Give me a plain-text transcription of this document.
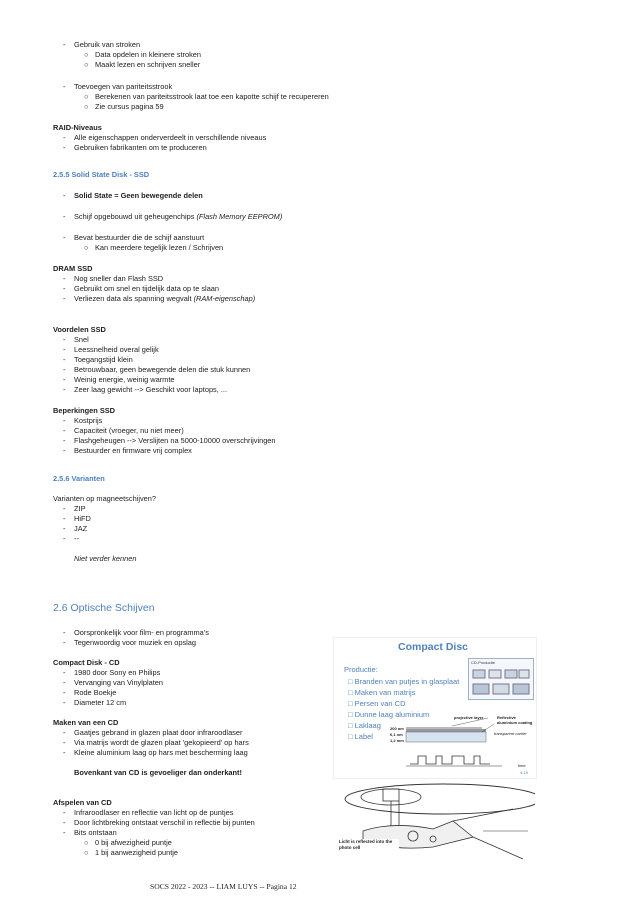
- Gebruik van stroken
○ Data opdelen in kleinere stroken
○ Maakt lezen en schrijven sneller
- Toevoegen van pariteitsstrook
○ Berekenen van pariteitsstrook laat toe een kapotte schijf te recupereren
○ Zie cursus pagina 59
RAID-Niveaus
- Alle eigenschappen onderverdeelt in verschillende niveaus
- Gebruiken fabrikanten om te produceren
2.5.5 Solid State Disk - SSD
- Solid State = Geen bewegende delen
- Schijf opgebouwd uit geheugenchips (Flash Memory EEPROM)
- Bevat bestuurder die de schijf aanstuurt
○ Kan meerdere tegelijk lezen / Schrijven
DRAM SSD
- Nog sneller dan Flash SSD
- Gebruikt om snel en tijdelijk data op te slaan
- Verliezen data als spanning wegvalt (RAM-eigenschap)
Voordelen SSD
- Snel
- Leessnelheid overal gelijk
- Toegangstijd klein
- Betrouwbaar, geen bewegende delen die stuk kunnen
- Weinig energie, weinig warmte
- Zeer laag gewicht --> Geschikt voor laptops, ...
Beperkingen SSD
- Kostprijs
- Capaciteit (vroeger, nu niet meer)
- Flashgeheugen --> Verslijten na 5000-10000 overschrijvingen
- Bestuurder en firmware vrij complex
2.5.6 Varianten
Varianten op magneetschijven?
- ZIP
- HiFD
- JAZ
- --
Niet verder kennen
2.6 Optische Schijven
- Oorspronkelijk voor film- en programma's
- Tegenwoordig voor muziek en opslag
Compact Disk - CD
- 1980 door Sony en Philips
- Vervanging van Vinylplaten
- Rode Boekje
- Diameter 12 cm
Maken van een CD
- Gaatjes gebrand in glazen plaat door infraroodlaser
- Via matrijs wordt de glazen plaat 'gekopieerd' op hars
- Kleine aluminium laag op hars met bescherming laag
Bovenkant van CD is gevoeliger dan onderkant!
Afspelen van CD
- Infraroodlaser en reflectie van licht op de puntjes
- Door lichtbreking ontstaat verschil in reflectie bij punten
- Bits ontstaan
○ 0 bij afwezigheid puntje
○ 1 bij aanwezigheid puntje
Compact Disc
Productie:
□ Branden van putjes in glasplaat
□ Maken van matrijs
□ Persen van CD
□ Dunne laag aluminium
□ Laklaag
□ Label
CD-Productie
projective layer	Reflective aluminium coating
transparent carrier
200 nm
0,1 nm
1,2 mm
time
4-19
Licht is reflected into the photo cell
SOCS 2022 - 2023 -- LIAM LUYS -- Pagina 12
